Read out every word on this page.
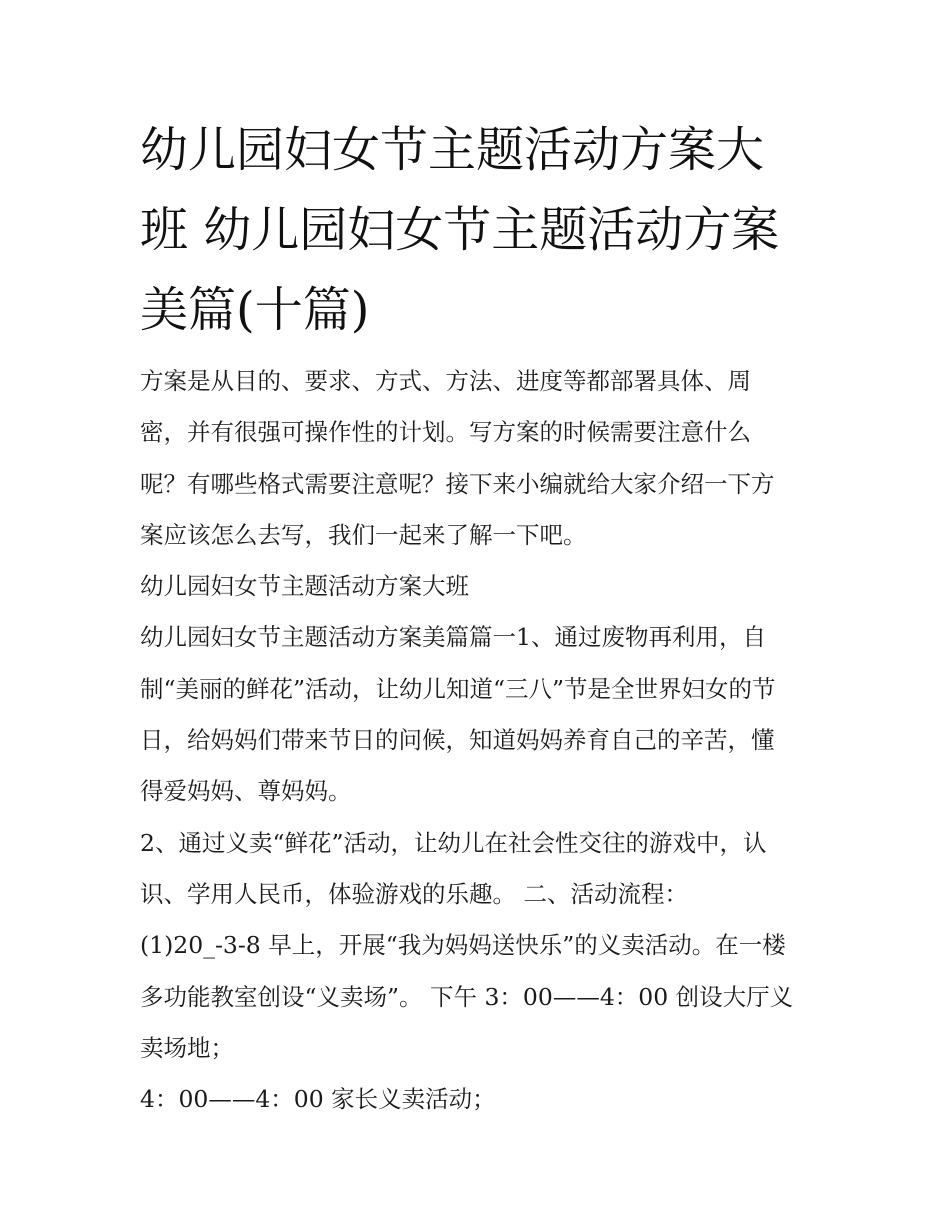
幼儿园妇女节主题活动方案大
班 幼儿园妇女节主题活动方案
美篇(十篇)
方案是从目的、要求、方式、方法、进度等都部署具体、周
密，并有很强可操作性的计划。写方案的时候需要注意什么
呢？有哪些格式需要注意呢？接下来小编就给大家介绍一下方
案应该怎么去写，我们一起来了解一下吧。
幼儿园妇女节主题活动方案大班
幼儿园妇女节主题活动方案美篇篇一1、通过废物再利用，自
制“美丽的鲜花”活动，让幼儿知道“三八”节是全世界妇女的节
日，给妈妈们带来节日的问候，知道妈妈养育自己的辛苦，懂
得爱妈妈、尊妈妈。
2、通过义卖“鲜花”活动，让幼儿在社会性交往的游戏中，认
识、学用人民币，体验游戏的乐趣。 二、活动流程：
(1)20_-3-8 早上，开展“我为妈妈送快乐”的义卖活动。在一楼
多功能教室创设“义卖场”。 下午 3：00——4：00 创设大厅义
卖场地；
4：00——4：00 家长义卖活动；
